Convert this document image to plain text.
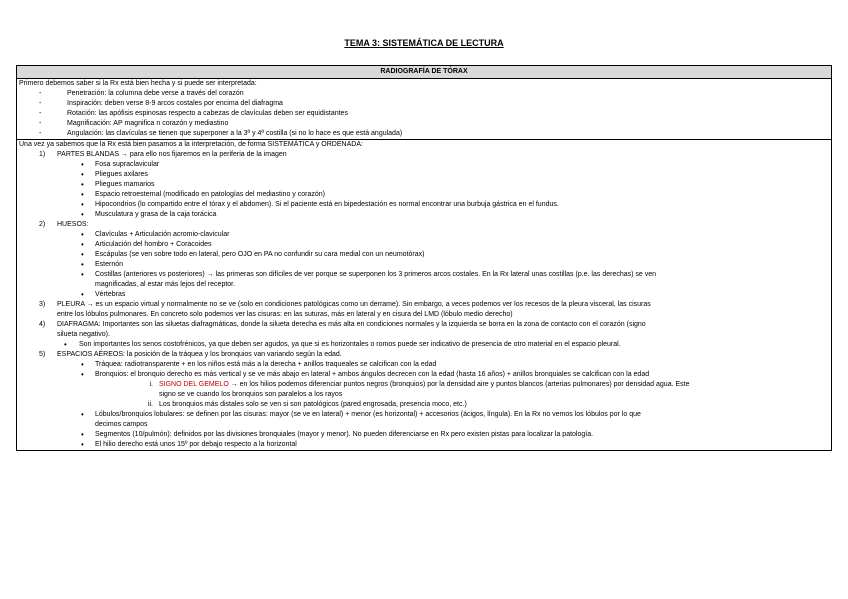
TEMA 3: SISTEMÁTICA DE LECTURA
RADIOGRAFÍA DE TÓRAX
Primero debemos saber si la Rx está bien hecha y si puede ser interpretada:
- Penetración: la columna debe verse a través del corazón
- Inspiración: deben verse 8-9 arcos costales por encima del diafragma
- Rotación: las apófisis espinosas respecto a cabezas de clavículas deben ser equidistantes
- Magnificación: AP magnifica n corazón y mediastino
- Angulación: las clavículas se tienen que superponer a la 3ª y 4ª costilla (si no lo hace es que está angulada)
Una vez ya sabemos que la Rx está bien pasamos a la interpretación, de forma SISTEMÁTICA y ORDENADA:
1) PARTES BLANDAS → para ello nos fijaremos en la periferia de la imagen
• Fosa supraclavicular
• Pliegues axilares
• Pliegues mamarios
• Espacio retroesternal (modificado en patologías del mediastino y corazón)
• Hipocondrios (lo compartido entre el tórax y el abdomen). Si el paciente está en bipedestación es normal encontrar una burbuja gástrica en el fundus.
• Musculatura y grasa de la caja torácica
2) HUESOS:
• Clavículas + Articulación acromio-clavicular
• Articulación del hombro + Coracoides
• Escápulas (se ven sobre todo en lateral, pero OJO en PA no confundir su cara medial con un neumotórax)
• Esternón
• Costillas (anteriores vs posteriores) → las primeras son difíciles de ver porque se superponen los 3 primeros arcos costales. En la Rx lateral unas costillas (p.e. las derechas) se ven
magnificadas, al estar más lejos del receptor.
• Vértebras
3) PLEURA → es un espacio virtual y normalmente no se ve (solo en condiciones patológicas como un derrame). Sin embargo, a veces podemos ver los recesos de la pleura visceral, las cisuras
entre los lóbulos pulmonares. En concreto solo podemos ver las cisuras: en las suturas, más en lateral y en cisura del LMD (lóbulo medio derecho)
4) DIAFRAGMA: Importantes son las siluetas diafragmáticas, donde la silueta derecha es más alta en condiciones normales y la izquierda se borra en la zona de contacto con el corazón (signo
silueta negativo).
• Son importantes los senos costofrénicos, ya que deben ser agudos, ya que si es horizontales o romos puede ser indicativo de presencia de otro material en el espacio pleural.
5) ESPACIOS AÉREOS: la posición de la tráquea y los bronquios van variando según la edad.
• Tráquea: radiotransparente + en los niños está más a la derecha + anillos traqueales se calcifican con la edad
• Bronquios: el bronquio derecho es más vertical y se ve más abajo en lateral + ambos ángulos decrecen con la edad (hasta 16 años) + anillos bronquiales se calcifican con la edad
i. SIGNO DEL GEMELO → en los hilios podemos diferenciar puntos negros (bronquios) por la densidad aire y puntos blancos (arterias pulmonares) por densidad agua. Este
signo se ve cuando los bronquios son paralelos a los rayos
ii. Los bronquios más distales solo se ven si son patológicos (pared engrosada, presencia moco, etc.)
• Lóbulos/bronquios lobulares: se definen por las cisuras: mayor (se ve en lateral) + menor (es horizontal) + accesorios (ácigos, língula). En la Rx no vemos los lóbulos por lo que
decimos campos
• Segmentos (10/pulmón): definidos por las divisiones bronquiales (mayor y menor). No pueden diferenciarse en Rx pero existen pistas para localizar la patología.
• El hilio derecho está unos 15º por debajo respecto a la horizontal
